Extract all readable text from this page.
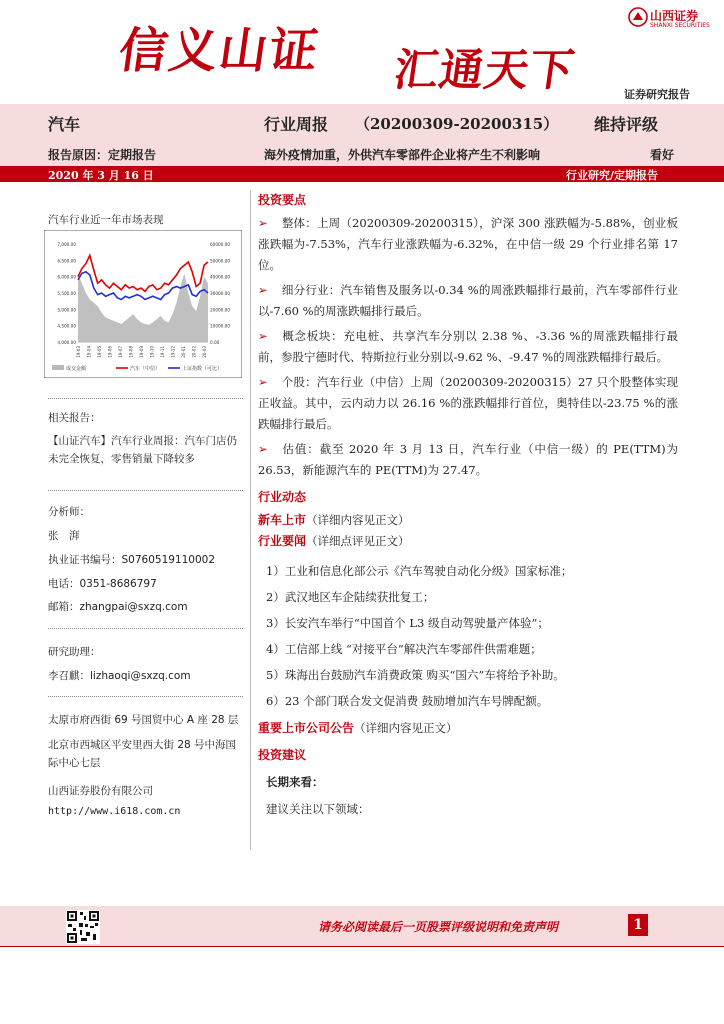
信义山证 汇通天下
山西证券
SHANXI SECURITIES
证券研究报告
汽车	行业周报 （20200309-20200315） 维持评级
报告原因：定期报告	海外疫情加重，外供汽车零部件企业将产生不利影响	看好
2020 年 3 月 16 日	行业研究/定期报告
汽车行业近一年市场表现
4,000.00
4,500.00
5,000.00
5,500.00
6,000.00
6,500.00
7,000.00
0.00
10000.00
20000.00
30000.00
40000.00
50000.00
60000.00
19-03 19-04 19-05 19-06 19-07 19-08 19-09 19-10 19-11 19-12 20-01 20-02 20-03
成交金额	汽车（中信）	上证指数（可比）
相关报告：

【山证汽车】汽车行业周报：汽车门店仍未完全恢复，零售销量下降较多

分析师：
张　湃
执业证书编号：S0760519110002
电话：0351-8686797
邮箱：zhangpai@sxzq.com
研究助理：
李召麒：lizhaoqi@sxzq.com
太原市府西街 69 号国贸中心 A 座 28 层

北京市西城区平安里西大街 28 号中海国际中心七层

山西证券股份有限公司
http://www.i618.com.cn
投资要点

➢ 整体：上周（20200309-20200315），沪深 300 涨跌幅为-5.88%，创业板涨跌幅为-7.53%，汽车行业涨跌幅为-6.32%，在中信一级 29 个行业排名第 17 位。

➢ 细分行业：汽车销售及服务以-0.34 %的周涨跌幅排行最前，汽车零部件行业以-7.60 %的周涨跌幅排行最后。

➢ 概念板块：充电桩、共享汽车分别以 2.38 %、-3.36 %的周涨跌幅排行最前，参股宁德时代、特斯拉行业分别以-9.62 %、-9.47 %的周涨跌幅排行最后。

➢ 个股：汽车行业（中信）上周（20200309-20200315）27 只个股整体实现正收益。其中，云内动力以 26.16 %的涨跌幅排行首位，奥特佳以-23.75 %的涨跌幅排行最后。

➢ 估值：截至 2020 年 3 月 13 日，汽车行业（中信一级）的 PE(TTM)为 26.53，新能源汽车的 PE(TTM)为 27.47。

行业动态
新车上市（详细内容见正文）
行业要闻（详细点评见正文）

1）工业和信息化部公示《汽车驾驶自动化分级》国家标准；

2）武汉地区车企陆续获批复工；

3）长安汽车举行“中国首个 L3 级自动驾驶量产体验”；

4）工信部上线 “对接平台”解决汽车零部件供需难题；

5）珠海出台鼓励汽车消费政策 购买“国六”车将给予补助。

6）23 个部门联合发文促消费 鼓励增加汽车号牌配额。

重要上市公司公告（详细内容见正文）
投资建议
长期来看：
建议关注以下领域：
请务必阅读最后一页股票评级说明和免责声明	1
